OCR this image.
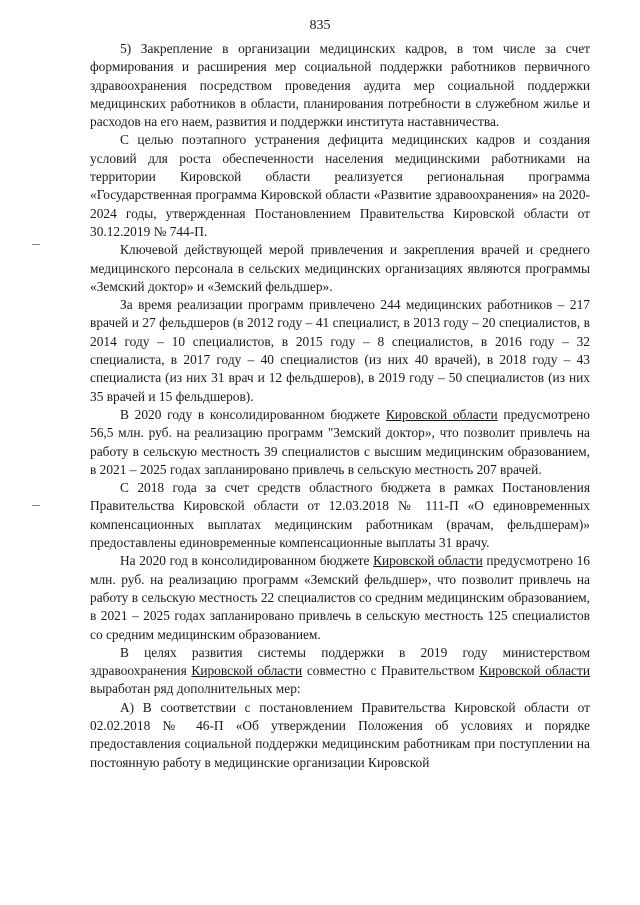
835

5) Закрепление в организации медицинских кадров, в том числе за счет формирования и расширения мер социальной поддержки работников первичного здравоохранения посредством проведения аудита мер социальной поддержки медицинских работников в области, планирования потребности в служебном жилье и расходов на его наем, развития и поддержки института наставничества.

С целью поэтапного устранения дефицита медицинских кадров и создания условий для роста обеспеченности населения медицинскими работниками на территории Кировской области реализуется региональная программа «Государственная программа Кировской области «Развитие здравоохранения» на 2020-2024 годы, утвержденная Постановлением Правительства Кировской области от 30.12.2019 № 744-П.

Ключевой действующей мерой привлечения и закрепления врачей и среднего медицинского персонала в сельских медицинских организациях являются программы «Земский доктор» и «Земский фельдшер».

За время реализации программ привлечено 244 медицинских работников – 217 врачей и 27 фельдшеров (в 2012 году – 41 специалист, в 2013 году – 20 специалистов, в 2014 году – 10 специалистов, в 2015 году – 8 специалистов, в 2016 году – 32 специалиста, в 2017 году – 40 специалистов (из них 40 врачей), в 2018 году – 43 специалиста (из них 31 врач и 12 фельдшеров), в 2019 году – 50 специалистов (из них 35 врачей и 15 фельдшеров).

В 2020 году в консолидированном бюджете Кировской области предусмотрено 56,5 млн. руб. на реализацию программ "Земский доктор», что позволит привлечь на работу в сельскую местность 39 специалистов с высшим медицинским образованием, в 2021 – 2025 годах запланировано привлечь в сельскую местность 207 врачей.

С 2018 года за счет средств областного бюджета в рамках Постановления Правительства Кировской области от 12.03.2018 № 111-П «О единовременных компенсационных выплатах медицинским работникам (врачам, фельдшерам)» предоставлены единовременные компенсационные выплаты 31 врачу.

На 2020 год в консолидированном бюджете Кировской области предусмотрено 16 млн. руб. на реализацию программ «Земский фельдшер», что позволит привлечь на работу в сельскую местность 22 специалистов со средним медицинским образованием, в 2021 – 2025 годах запланировано привлечь в сельскую местность 125 специалистов со средним медицинским образованием.

В целях развития системы поддержки в 2019 году министерством здравоохранения Кировской области совместно с Правительством Кировской области выработан ряд дополнительных мер:

А) В соответствии с постановлением Правительства Кировской области от 02.02.2018 № 46-П «Об утверждении Положения об условиях и порядке предоставления социальной поддержки медицинским работникам при поступлении на постоянную работу в медицинские организации Кировской
